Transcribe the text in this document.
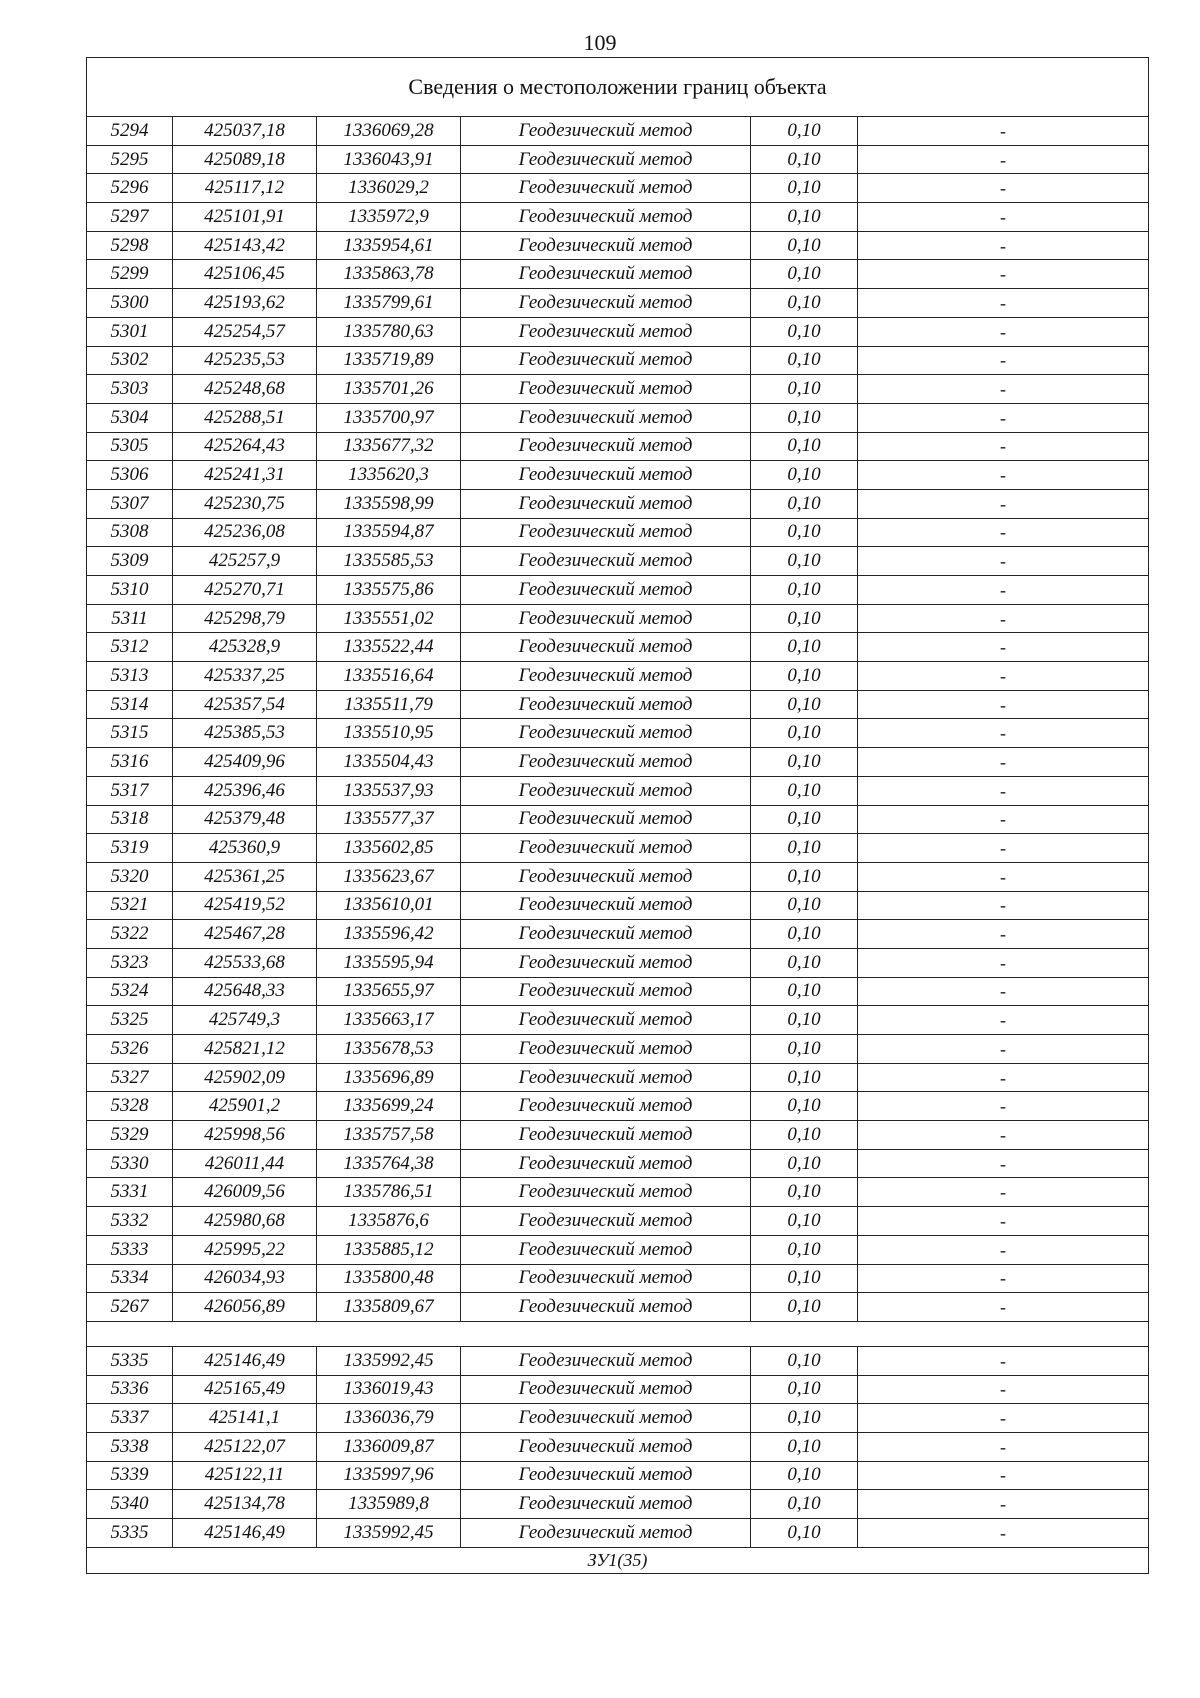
109
Сведения о местоположении границ объекта					
5294	425037,18	1336069,28	Геодезический метод	0,10	-
5295	425089,18	1336043,91	Геодезический метод	0,10	-
5296	425117,12	1336029,2	Геодезический метод	0,10	-
5297	425101,91	1335972,9	Геодезический метод	0,10	-
5298	425143,42	1335954,61	Геодезический метод	0,10	-
5299	425106,45	1335863,78	Геодезический метод	0,10	-
5300	425193,62	1335799,61	Геодезический метод	0,10	-
5301	425254,57	1335780,63	Геодезический метод	0,10	-
5302	425235,53	1335719,89	Геодезический метод	0,10	-
5303	425248,68	1335701,26	Геодезический метод	0,10	-
5304	425288,51	1335700,97	Геодезический метод	0,10	-
5305	425264,43	1335677,32	Геодезический метод	0,10	-
5306	425241,31	1335620,3	Геодезический метод	0,10	-
5307	425230,75	1335598,99	Геодезический метод	0,10	-
5308	425236,08	1335594,87	Геодезический метод	0,10	-
5309	425257,9	1335585,53	Геодезический метод	0,10	-
5310	425270,71	1335575,86	Геодезический метод	0,10	-
5311	425298,79	1335551,02	Геодезический метод	0,10	-
5312	425328,9	1335522,44	Геодезический метод	0,10	-
5313	425337,25	1335516,64	Геодезический метод	0,10	-
5314	425357,54	1335511,79	Геодезический метод	0,10	-
5315	425385,53	1335510,95	Геодезический метод	0,10	-
5316	425409,96	1335504,43	Геодезический метод	0,10	-
5317	425396,46	1335537,93	Геодезический метод	0,10	-
5318	425379,48	1335577,37	Геодезический метод	0,10	-
5319	425360,9	1335602,85	Геодезический метод	0,10	-
5320	425361,25	1335623,67	Геодезический метод	0,10	-
5321	425419,52	1335610,01	Геодезический метод	0,10	-
5322	425467,28	1335596,42	Геодезический метод	0,10	-
5323	425533,68	1335595,94	Геодезический метод	0,10	-
5324	425648,33	1335655,97	Геодезический метод	0,10	-
5325	425749,3	1335663,17	Геодезический метод	0,10	-
5326	425821,12	1335678,53	Геодезический метод	0,10	-
5327	425902,09	1335696,89	Геодезический метод	0,10	-
5328	425901,2	1335699,24	Геодезический метод	0,10	-
5329	425998,56	1335757,58	Геодезический метод	0,10	-
5330	426011,44	1335764,38	Геодезический метод	0,10	-
5331	426009,56	1335786,51	Геодезический метод	0,10	-
5332	425980,68	1335876,6	Геодезический метод	0,10	-
5333	425995,22	1335885,12	Геодезический метод	0,10	-
5334	426034,93	1335800,48	Геодезический метод	0,10	-
5267	426056,89	1335809,67	Геодезический метод	0,10	-

5335	425146,49	1335992,45	Геодезический метод	0,10	-
5336	425165,49	1336019,43	Геодезический метод	0,10	-
5337	425141,1	1336036,79	Геодезический метод	0,10	-
5338	425122,07	1336009,87	Геодезический метод	0,10	-
5339	425122,11	1335997,96	Геодезический метод	0,10	-
5340	425134,78	1335989,8	Геодезический метод	0,10	-
5335	425146,49	1335992,45	Геодезический метод	0,10	-
ЗУ1(35)					
